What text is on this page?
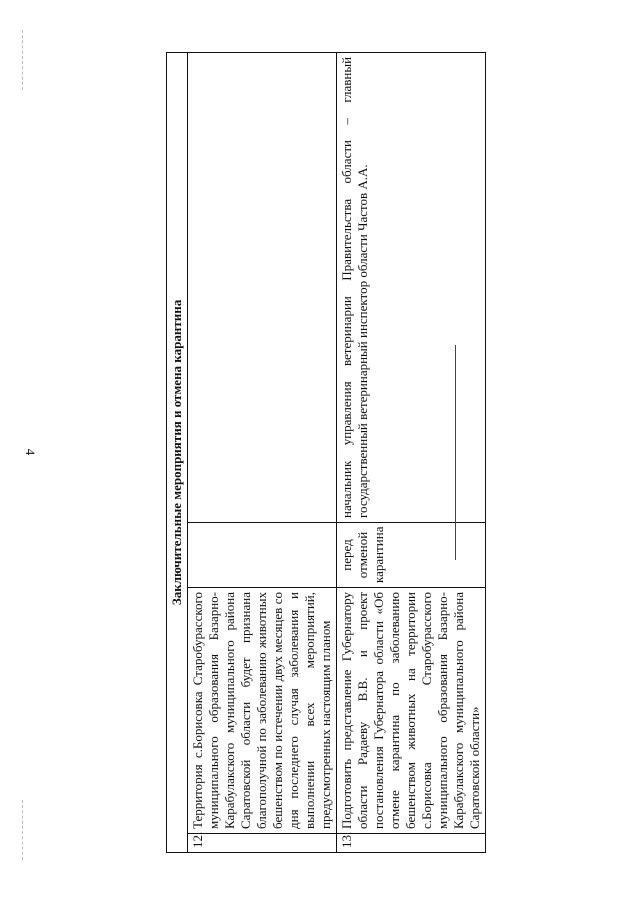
4	Заключительные мероприятия и отмена карантина			
12.	Территория с.Борисовка Старобурасского муниципального образования Базарно-Карабулакского муниципального района Саратовской области будет признана благополучной по заболеванию животных бешенством по истечении двух месяцев со дня последнего случая заболевания и выполнении всех мероприятий, предусмотренных настоящим планом		
13.	Подготовить представление Губернатору области Радаеву В.В. и проект постановления Губернатора области «Об отмене карантина по заболеванию бешенством животных на территории с.Борисовка Старобурасского муниципального образования Базарно-Карабулакского муниципального района Саратовской области»	перед отменой карантина	начальник управления ветеринарии Правительства области – главный государственный ветеринарный инспектор области Частов А.А.
